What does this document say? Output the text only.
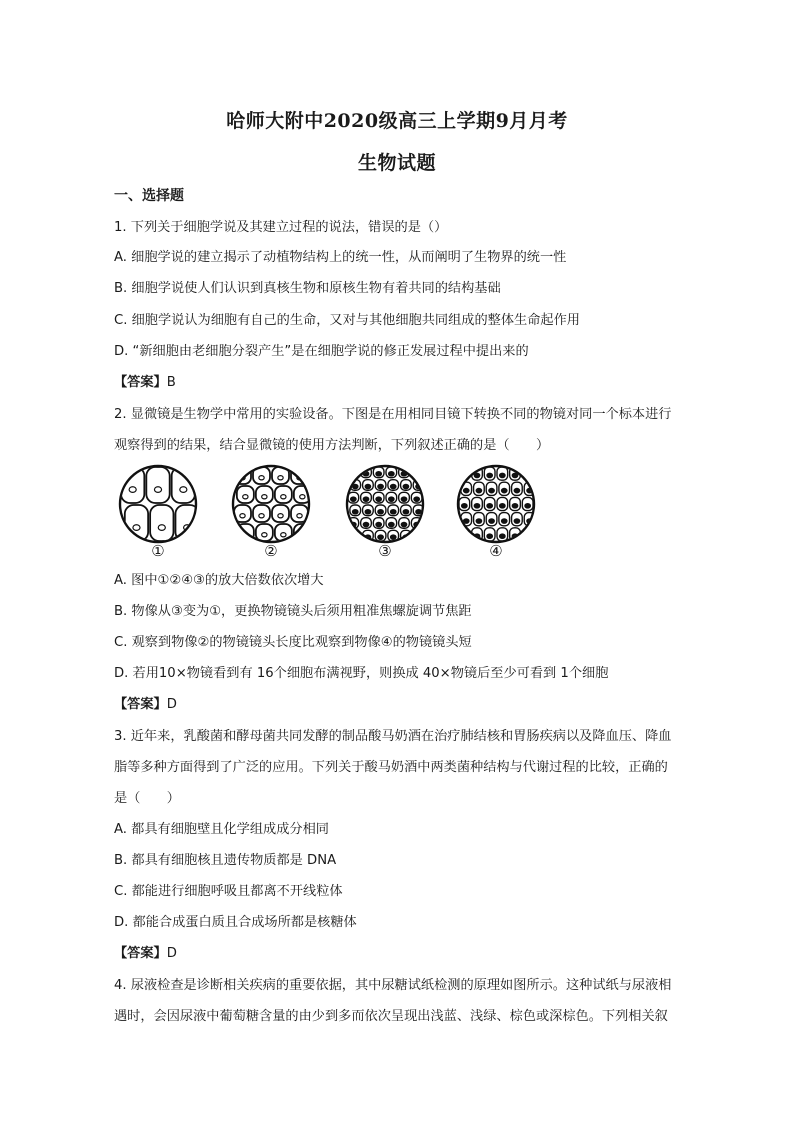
哈师大附中2020级高三上学期9月月考
生物试题
一、选择题
1. 下列关于细胞学说及其建立过程的说法，错误的是（）
A. 细胞学说的建立揭示了动植物结构上的统一性，从而阐明了生物界的统一性
B. 细胞学说使人们认识到真核生物和原核生物有着共同的结构基础
C. 细胞学说认为细胞有自己的生命，又对与其他细胞共同组成的整体生命起作用
D. “新细胞由老细胞分裂产生”是在细胞学说的修正发展过程中提出来的
【答案】B
2. 显微镜是生物学中常用的实验设备。下图是在用相同目镜下转换不同的物镜对同一个标本进行
观察得到的结果，结合显微镜的使用方法判断，下列叙述正确的是（　　）
①	②	③	④
A. 图中①②④③的放大倍数依次增大
B. 物像从③变为①，更换物镜镜头后须用粗准焦螺旋调节焦距
C. 观察到物像②的物镜镜头长度比观察到物像④的物镜镜头短
D. 若用10×物镜看到有 16个细胞布满视野，则换成 40×物镜后至少可看到 1个细胞
【答案】D
3. 近年来，乳酸菌和酵母菌共同发酵的制品酸马奶酒在治疗肺结核和胃肠疾病以及降血压、降血
脂等多种方面得到了广泛的应用。下列关于酸马奶酒中两类菌种结构与代谢过程的比较，正确的
是（　　）
A. 都具有细胞壁且化学组成成分相同
B. 都具有细胞核且遗传物质都是 DNA
C. 都能进行细胞呼吸且都离不开线粒体
D. 都能合成蛋白质且合成场所都是核糖体
【答案】D
4. 尿液检查是诊断相关疾病的重要依据，其中尿糖试纸检测的原理如图所示。这种试纸与尿液相
遇时，会因尿液中葡萄糖含量的由少到多而依次呈现出浅蓝、浅绿、棕色或深棕色。下列相关叙
